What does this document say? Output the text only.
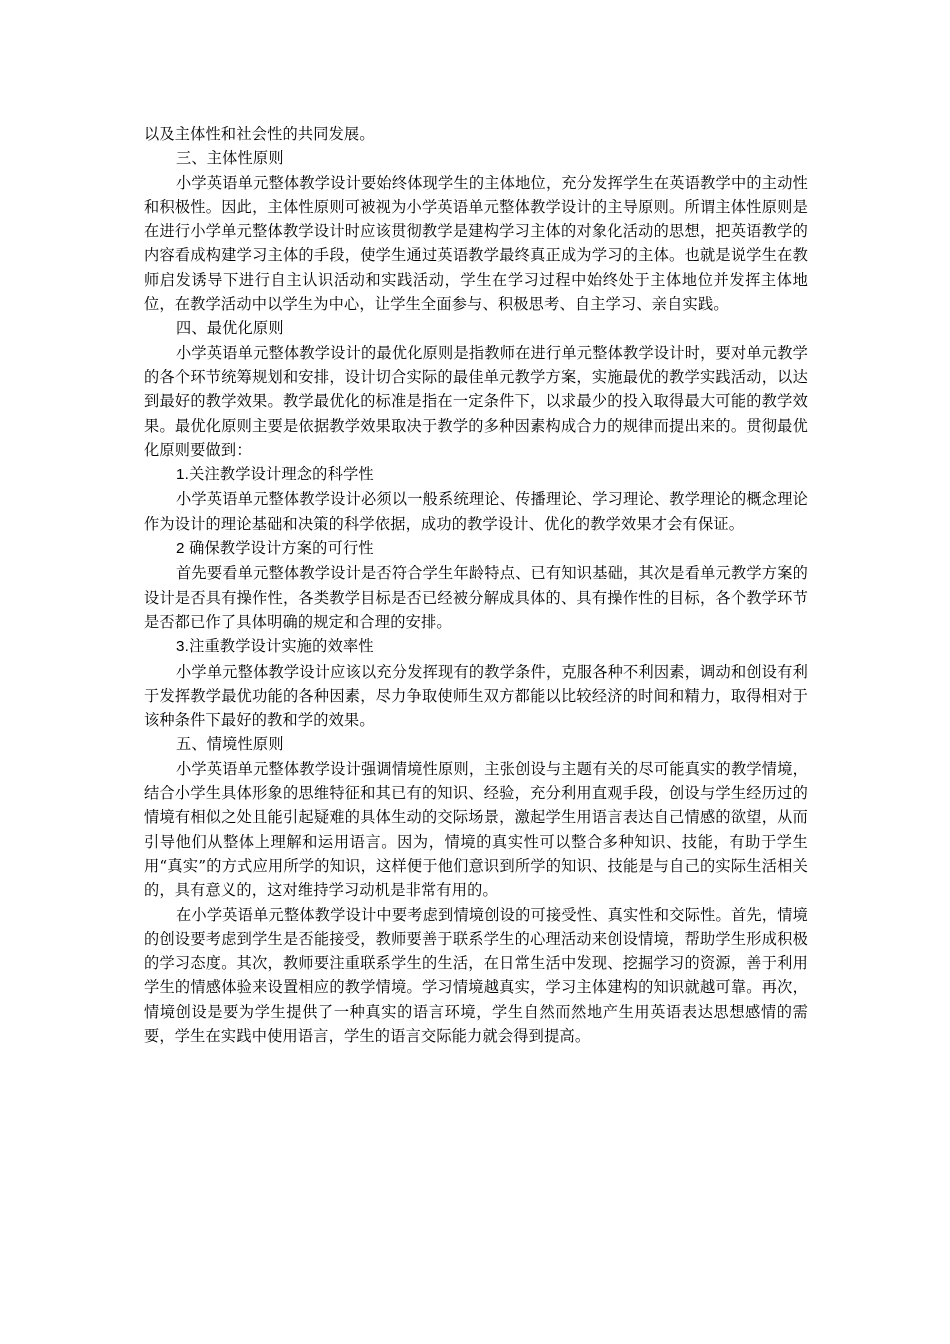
以及主体性和社会性的共同发展。

三、主体性原则

小学英语单元整体教学设计要始终体现学生的主体地位，充分发挥学生在英语教学中的主动性和积极性。因此，主体性原则可被视为小学英语单元整体教学设计的主导原则。所谓主体性原则是在进行小学单元整体教学设计时应该贯彻教学是建构学习主体的对象化活动的思想，把英语教学的内容看成构建学习主体的手段，使学生通过英语教学最终真正成为学习的主体。也就是说学生在教师启发诱导下进行自主认识活动和实践活动，学生在学习过程中始终处于主体地位并发挥主体地位，在教学活动中以学生为中心，让学生全面参与、积极思考、自主学习、亲自实践。

四、最优化原则

小学英语单元整体教学设计的最优化原则是指教师在进行单元整体教学设计时，要对单元教学的各个环节统筹规划和安排，设计切合实际的最佳单元教学方案，实施最优的教学实践活动，以达到最好的教学效果。教学最优化的标准是指在一定条件下，以求最少的投入取得最大可能的教学效果。最优化原则主要是依据教学效果取决于教学的多种因素构成合力的规律而提出来的。贯彻最优化原则要做到：

1.关注教学设计理念的科学性

小学英语单元整体教学设计必须以一般系统理论、传播理论、学习理论、教学理论的概念理论作为设计的理论基础和决策的科学依据，成功的教学设计、优化的教学效果才会有保证。

2 确保教学设计方案的可行性

首先要看单元整体教学设计是否符合学生年龄特点、已有知识基础，其次是看单元教学方案的设计是否具有操作性，各类教学目标是否已经被分解成具体的、具有操作性的目标，各个教学环节是否都已作了具体明确的规定和合理的安排。

3.注重教学设计实施的效率性

小学单元整体教学设计应该以充分发挥现有的教学条件，克服各种不利因素，调动和创设有利于发挥教学最优功能的各种因素，尽力争取使师生双方都能以比较经济的时间和精力，取得相对于该种条件下最好的教和学的效果。

五、情境性原则

小学英语单元整体教学设计强调情境性原则，主张创设与主题有关的尽可能真实的教学情境，结合小学生具体形象的思维特征和其已有的知识、经验，充分利用直观手段，创设与学生经历过的情境有相似之处且能引起疑难的具体生动的交际场景，激起学生用语言表达自己情感的欲望，从而引导他们从整体上理解和运用语言。因为，情境的真实性可以整合多种知识、技能，有助于学生用“真实”的方式应用所学的知识，这样便于他们意识到所学的知识、技能是与自己的实际生活相关的，具有意义的，这对维持学习动机是非常有用的。

在小学英语单元整体教学设计中要考虑到情境创设的可接受性、真实性和交际性。首先，情境的创设要考虑到学生是否能接受，教师要善于联系学生的心理活动来创设情境，帮助学生形成积极的学习态度。其次，教师要注重联系学生的生活，在日常生活中发现、挖掘学习的资源，善于利用学生的情感体验来设置相应的教学情境。学习情境越真实，学习主体建构的知识就越可靠。再次，情境创设是要为学生提供了一种真实的语言环境，学生自然而然地产生用英语表达思想感情的需要，学生在实践中使用语言，学生的语言交际能力就会得到提高。
